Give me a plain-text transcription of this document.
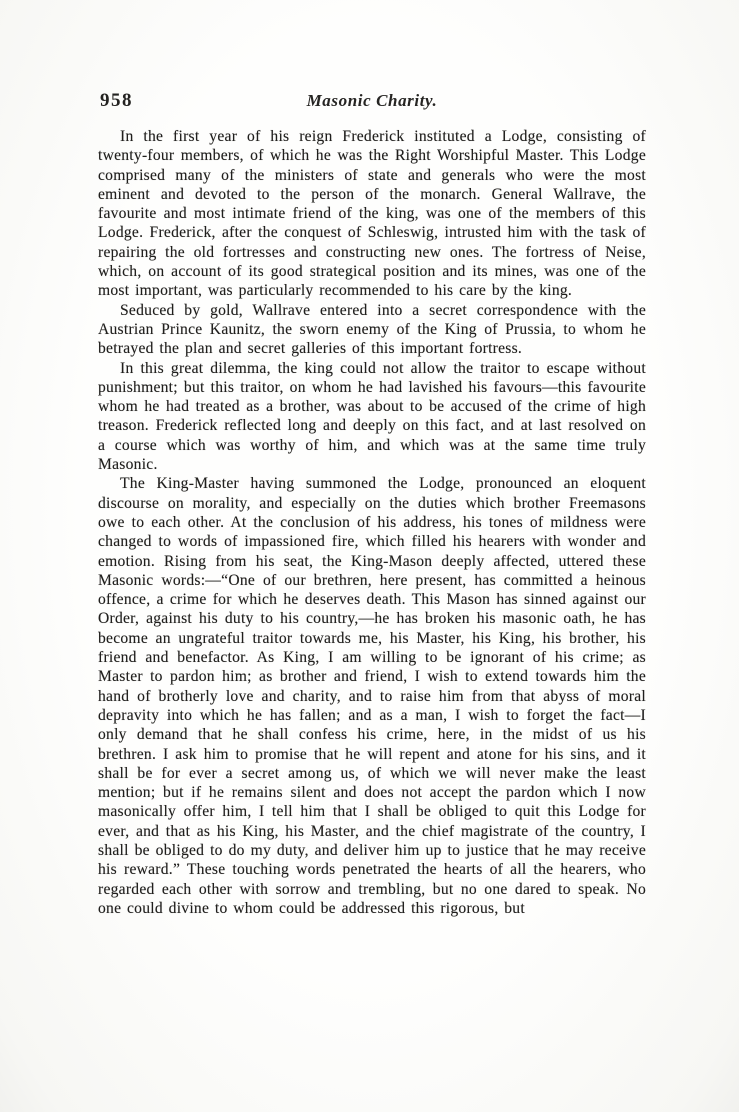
958	Masonic Charity.

In the first year of his reign Frederick instituted a Lodge, consisting of twenty-four members, of which he was the Right Worshipful Master. This Lodge comprised many of the ministers of state and generals who were the most eminent and devoted to the person of the monarch. General Wallrave, the favourite and most intimate friend of the king, was one of the members of this Lodge. Frederick, after the conquest of Schleswig, intrusted him with the task of repairing the old fortresses and constructing new ones. The fortress of Neise, which, on account of its good strategical position and its mines, was one of the most important, was particularly recommended to his care by the king.

Seduced by gold, Wallrave entered into a secret correspondence with the Austrian Prince Kaunitz, the sworn enemy of the King of Prussia, to whom he betrayed the plan and secret galleries of this important fortress.

In this great dilemma, the king could not allow the traitor to escape without punishment; but this traitor, on whom he had lavished his favours—this favourite whom he had treated as a brother, was about to be accused of the crime of high treason. Frederick reflected long and deeply on this fact, and at last resolved on a course which was worthy of him, and which was at the same time truly Masonic.

The King-Master having summoned the Lodge, pronounced an eloquent discourse on morality, and especially on the duties which brother Freemasons owe to each other. At the conclusion of his address, his tones of mildness were changed to words of impassioned fire, which filled his hearers with wonder and emotion. Rising from his seat, the King-Mason deeply affected, uttered these Masonic words:—“One of our brethren, here present, has committed a heinous offence, a crime for which he deserves death. This Mason has sinned against our Order, against his duty to his country,—he has broken his masonic oath, he has become an ungrateful traitor towards me, his Master, his King, his brother, his friend and benefactor. As King, I am willing to be ignorant of his crime; as Master to pardon him; as brother and friend, I wish to extend towards him the hand of brotherly love and charity, and to raise him from that abyss of moral depravity into which he has fallen; and as a man, I wish to forget the fact—I only demand that he shall confess his crime, here, in the midst of us his brethren. I ask him to promise that he will repent and atone for his sins, and it shall be for ever a secret among us, of which we will never make the least mention; but if he remains silent and does not accept the pardon which I now masonically offer him, I tell him that I shall be obliged to quit this Lodge for ever, and that as his King, his Master, and the chief magistrate of the country, I shall be obliged to do my duty, and deliver him up to justice that he may receive his reward.” These touching words penetrated the hearts of all the hearers, who regarded each other with sorrow and trembling, but no one dared to speak. No one could divine to whom could be addressed this rigorous, but
